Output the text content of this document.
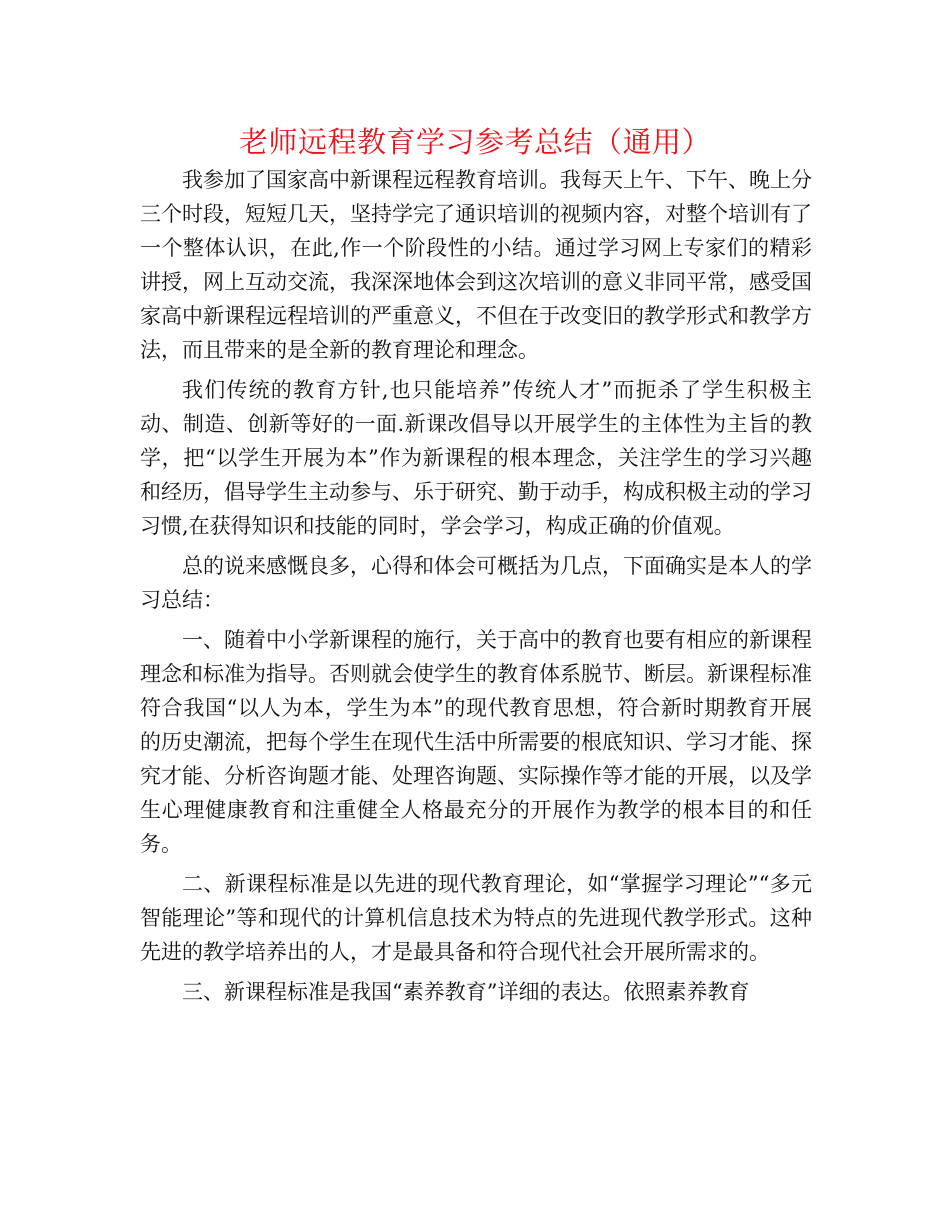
老师远程教育学习参考总结（通用）

我参加了国家高中新课程远程教育培训。我每天上午、下午、晚上分三个时段，短短几天，坚持学完了通识培训的视频内容，对整个培训有了一个整体认识，在此,作一个阶段性的小结。通过学习网上专家们的精彩讲授，网上互动交流，我深深地体会到这次培训的意义非同平常，感受国家高中新课程远程培训的严重意义，不但在于改变旧的教学形式和教学方法，而且带来的是全新的教育理论和理念。

我们传统的教育方针,也只能培养”传统人才”而扼杀了学生积极主动、制造、创新等好的一面.新课改倡导以开展学生的主体性为主旨的教学，把“以学生开展为本”作为新课程的根本理念，关注学生的学习兴趣和经历，倡导学生主动参与、乐于研究、勤于动手，构成积极主动的学习习惯,在获得知识和技能的同时，学会学习，构成正确的价值观。

总的说来感慨良多，心得和体会可概括为几点，下面确实是本人的学习总结：

一、随着中小学新课程的施行，关于高中的教育也要有相应的新课程理念和标准为指导。否则就会使学生的教育体系脱节、断层。新课程标准符合我国“以人为本，学生为本”的现代教育思想，符合新时期教育开展的历史潮流，把每个学生在现代生活中所需要的根底知识、学习才能、探究才能、分析咨询题才能、处理咨询题、实际操作等才能的开展，以及学生心理健康教育和注重健全人格最充分的开展作为教学的根本目的和任务。

二、新课程标准是以先进的现代教育理论，如“掌握学习理论”“多元智能理论”等和现代的计算机信息技术为特点的先进现代教学形式。这种先进的教学培养出的人，才是最具备和符合现代社会开展所需求的。

三、新课程标准是我国“素养教育”详细的表达。依照素养教育
